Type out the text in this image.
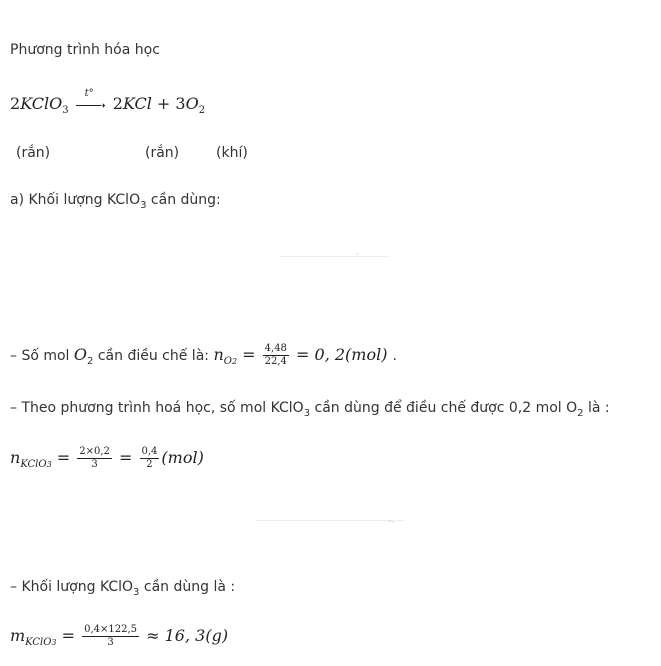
Phương trình hóa học
2KClO$_3$
t°
➝ $2KCl + 3O_2$
(rắn)	(rắn)	(khí)
a) Khối lượng KClO$_3$ cần dùng:
·
– Số mol $O_2$ cần điều chế là: $n_{O2} = \frac{4,48}{22,4} = 0$, 2(mol) .
– Theo phương trình hoá học, số mol KClO$_3$ cần dùng để điều chế được 0,2 mol $O_2$ là :
$n_{KClO3} = \frac{2\times 0,2}{3} = \frac{0,4}{2} (mol)$
ᵕ·
– Khối lượng KClO$_3$ cần dùng là :
$m_{KClO3} = \frac{0,4\times 122,5}{3} \approx 16$, 3(g)
